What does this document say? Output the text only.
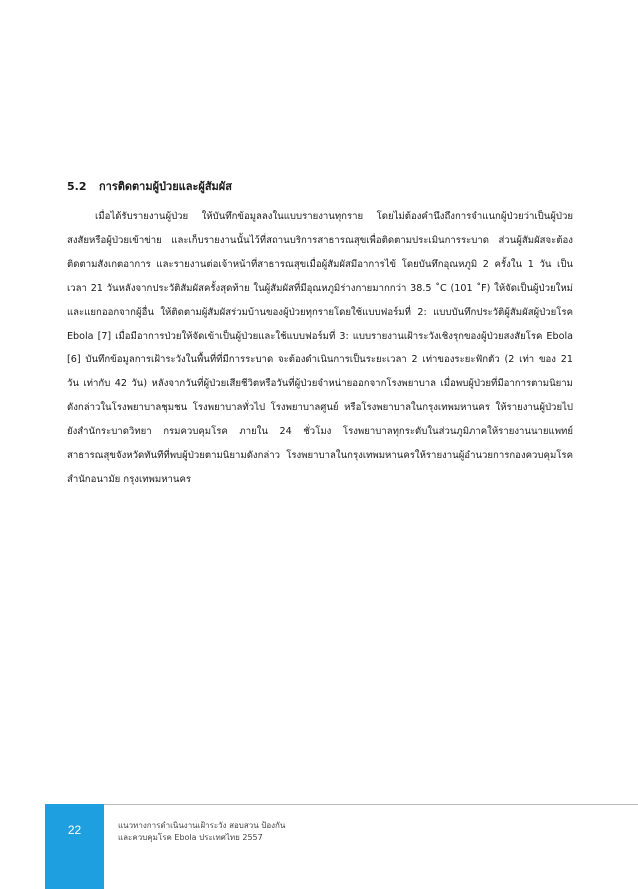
5.2 การติดตามผู้ป่วยและผู้สัมผัส

เมื่อได้รับรายงานผู้ป่วย ให้บันทึกข้อมูลลงในแบบรายงานทุกราย โดยไม่ต้องคำนึงถึงการจำแนกผู้ป่วยว่าเป็นผู้ป่วยสงสัยหรือผู้ป่วยเข้าข่าย และเก็บรายงานนั้นไว้ที่สถานบริการสาธารณสุขเพื่อติดตามประเมินการระบาด ส่วนผู้สัมผัสจะต้องติดตามสังเกตอาการ และรายงานต่อเจ้าหน้าที่สาธารณสุขเมื่อผู้สัมผัสมีอาการไข้ โดยบันทึกอุณหภูมิ 2 ครั้งใน 1 วัน เป็นเวลา 21 วันหลังจากประวัติสัมผัสครั้งสุดท้าย ในผู้สัมผัสที่มีอุณหภูมิร่างกายมากกว่า 38.5 ˚C (101 ˚F) ให้จัดเป็นผู้ป่วยใหม่และแยกออกจากผู้อื่น ให้ติดตามผู้สัมผัสร่วมบ้านของผู้ป่วยทุกรายโดยใช้แบบฟอร์มที่ 2: แบบบันทึกประวัติผู้สัมผัสผู้ป่วยโรค Ebola [7] เมื่อมีอาการป่วยให้จัดเข้าเป็นผู้ป่วยและใช้แบบฟอร์มที่ 3: แบบรายงานเฝ้าระวังเชิงรุกของผู้ป่วยสงสัยโรค Ebola [6] บันทึกข้อมูลการเฝ้าระวังในพื้นที่ที่มีการระบาด จะต้องดำเนินการเป็นระยะเวลา 2 เท่าของระยะฟักตัว (2 เท่า ของ 21 วัน เท่ากับ 42 วัน) หลังจากวันที่ผู้ป่วยเสียชีวิตหรือวันที่ผู้ป่วยจำหน่ายออกจากโรงพยาบาล เมื่อพบผู้ป่วยที่มีอาการตามนิยามดังกล่าวในโรงพยาบาลชุมชน โรงพยาบาลทั่วไป โรงพยาบาลศูนย์ หรือโรงพยาบาลในกรุงเทพมหานคร ให้รายงานผู้ป่วยไปยังสำนักระบาดวิทยา กรมควบคุมโรค ภายใน 24 ชั่วโมง โรงพยาบาลทุกระดับในส่วนภูมิภาคให้รายงานนายแพทย์สาธารณสุขจังหวัดทันทีที่พบผู้ป่วยตามนิยามดังกล่าว โรงพยาบาลในกรุงเทพมหานครให้รายงานผู้อำนวยการกองควบคุมโรค สำนักอนามัย กรุงเทพมหานคร

22	แนวทางการดำเนินงานเฝ้าระวัง สอบสวน ป้องกัน
และควบคุมโรค Ebola ประเทศไทย 2557
